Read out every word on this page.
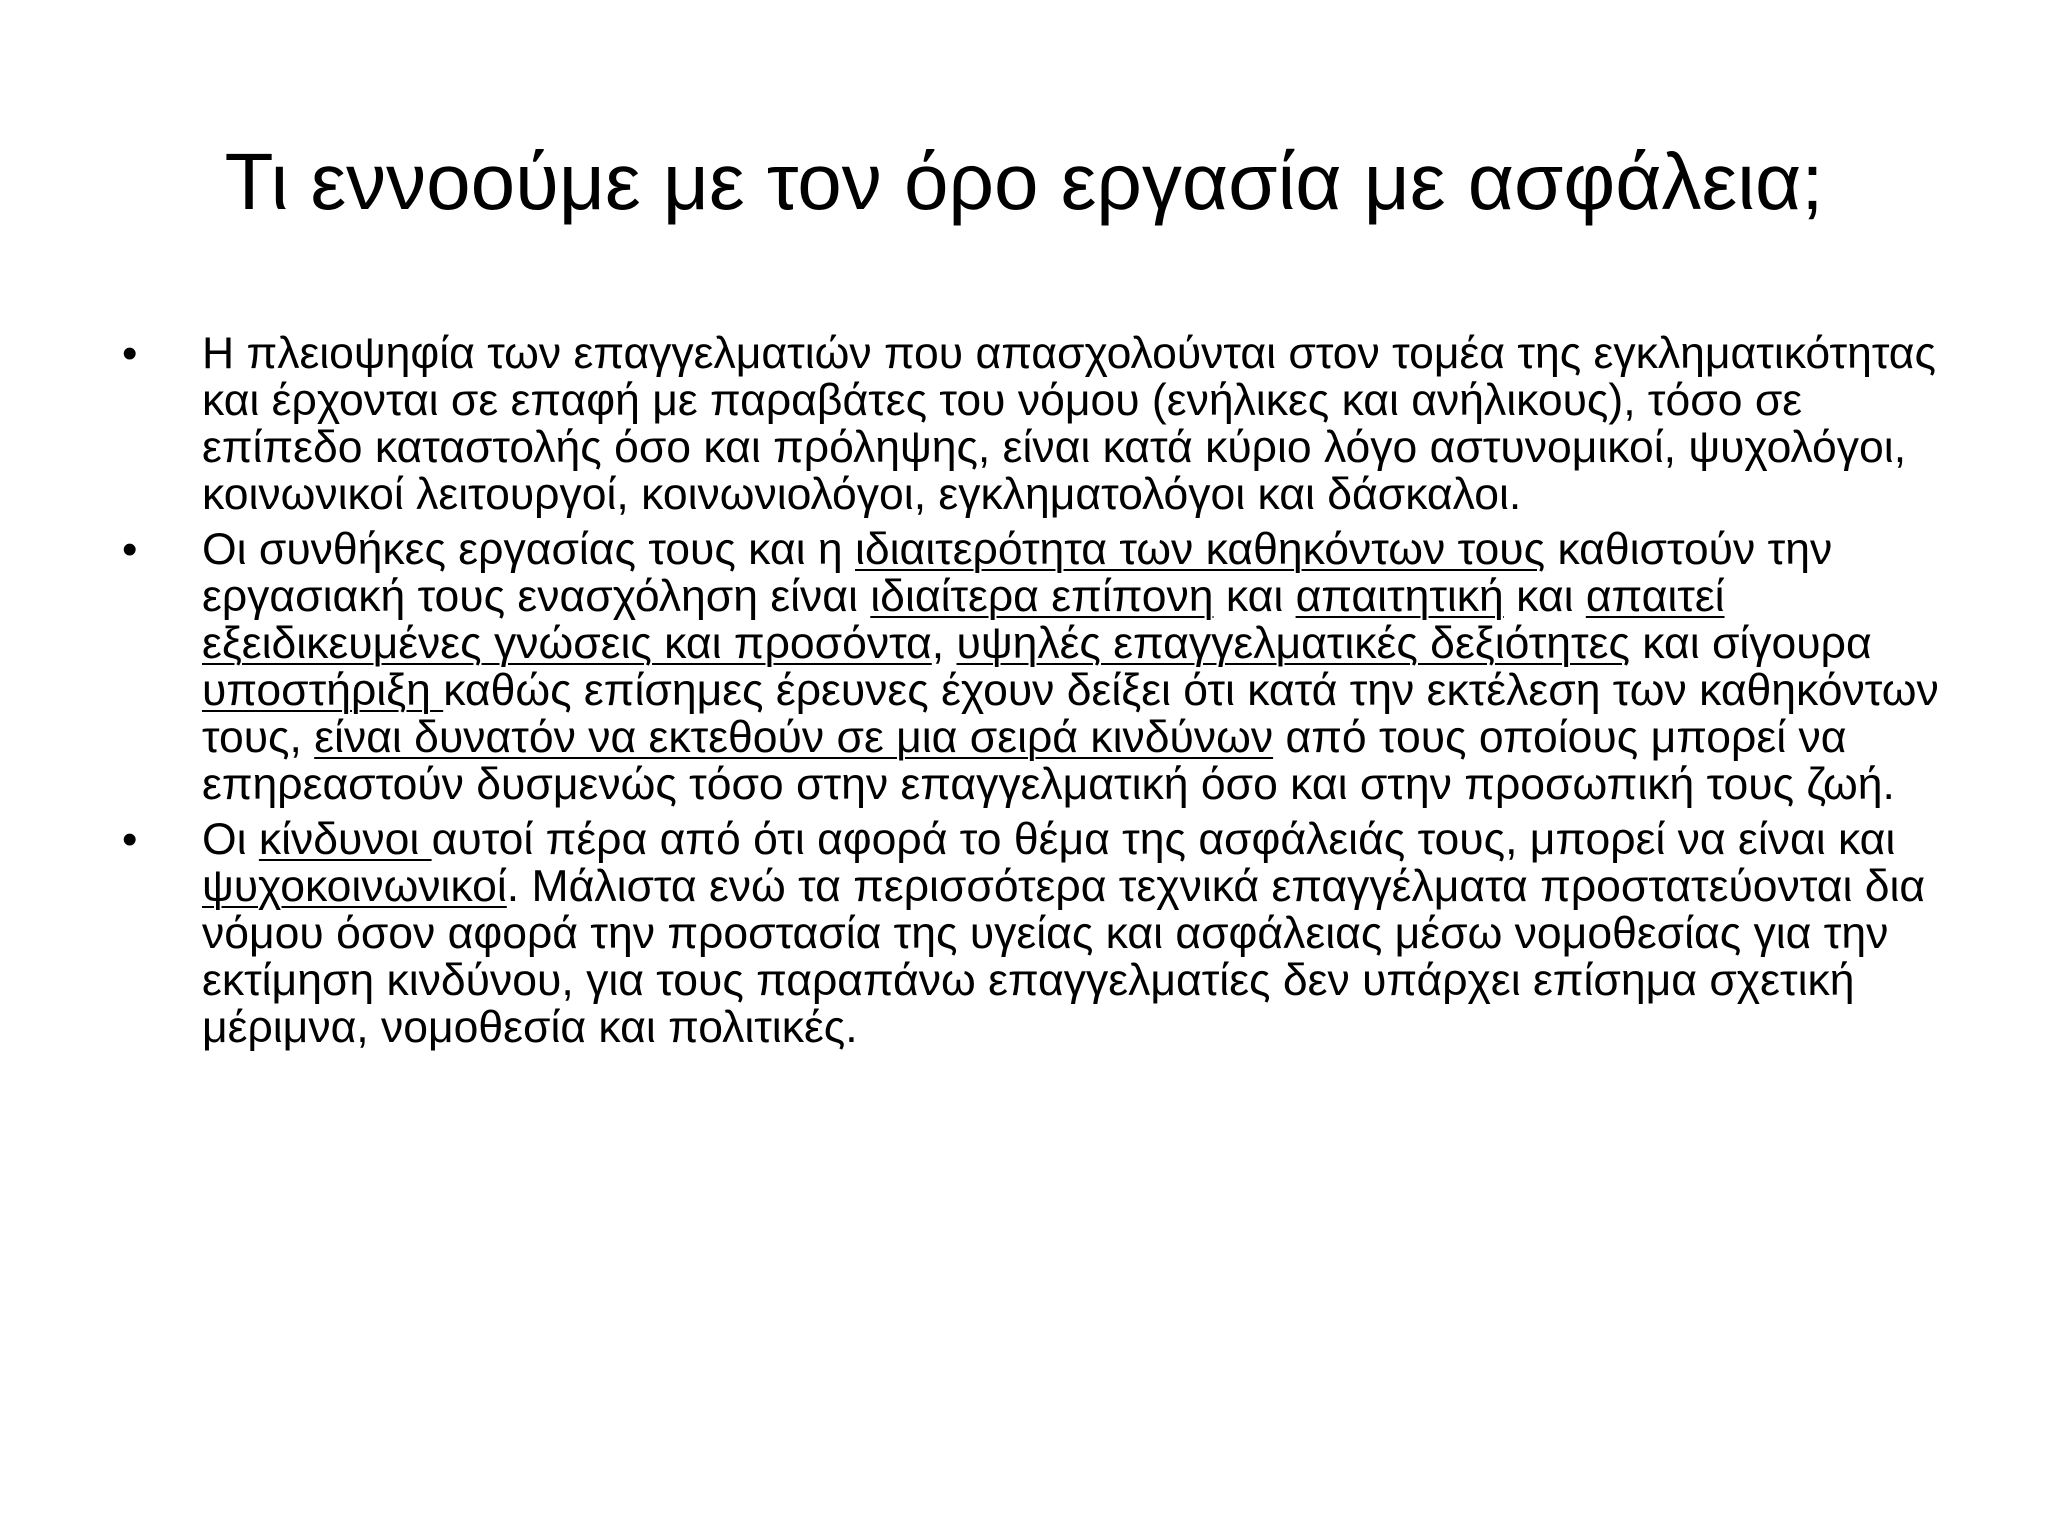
Τι εννοούμε με τον όρο εργασία με ασφάλεια;
• Η πλειοψηφία των επαγγελματιών που απασχολούνται στον τομέα της εγκληματικότητας και έρχονται σε επαφή με παραβάτες του νόμου (ενήλικες και ανήλικους), τόσο σε επίπεδο καταστολής όσο και πρόληψης, είναι κατά κύριο λόγο αστυνομικοί, ψυχολόγοι, κοινωνικοί λειτουργοί, κοινωνιολόγοι, εγκληματολόγοι και δάσκαλοι.
• Οι συνθήκες εργασίας τους και η ιδιαιτερότητα των καθηκόντων τους καθιστούν την εργασιακή τους ενασχόληση είναι ιδιαίτερα επίπονη και απαιτητική και απαιτεί εξειδικευμένες γνώσεις και προσόντα, υψηλές επαγγελματικές δεξιότητες και σίγουρα υποστήριξη καθώς επίσημες έρευνες έχουν δείξει ότι κατά την εκτέλεση των καθηκόντων τους, είναι δυνατόν να εκτεθούν σε μια σειρά κινδύνων από τους οποίους μπορεί να επηρεαστούν δυσμενώς τόσο στην επαγγελματική όσο και στην προσωπική τους ζωή.
• Οι κίνδυνοι αυτοί πέρα από ότι αφορά το θέμα της ασφάλειάς τους, μπορεί να είναι και ψυχοκοινωνικοί. Μάλιστα ενώ τα περισσότερα τεχνικά επαγγέλματα προστατεύονται δια νόμου όσον αφορά την προστασία της υγείας και ασφάλειας μέσω νομοθεσίας για την εκτίμηση κινδύνου, για τους παραπάνω επαγγελματίες δεν υπάρχει επίσημα σχετική μέριμνα, νομοθεσία και πολιτικές.
